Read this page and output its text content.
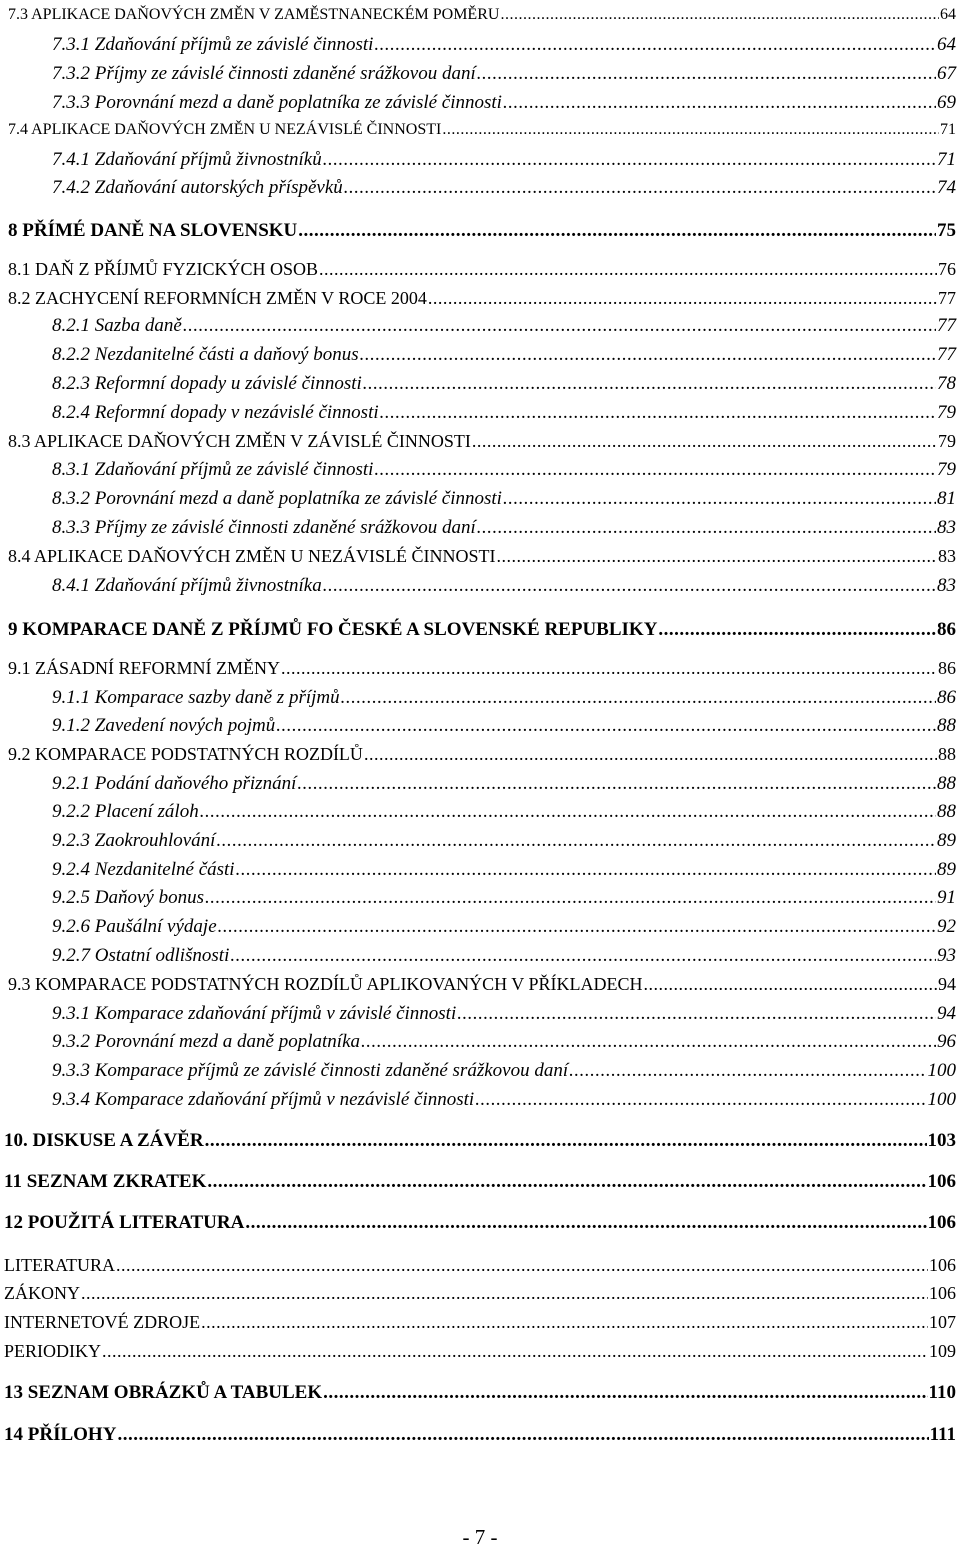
7.3 APLIKACE DAŇOVÝCH ZMĚN V ZAMĚSTNANECKÉM POMĚRU .....	64
7.3.1 Zdaňování příjmů ze závislé činnosti .....	64
7.3.2 Příjmy ze závislé činnosti zdaněné srážkovou daní .....	67
7.3.3 Porovnání mezd a daně poplatníka ze závislé činnosti .....	69
7.4 APLIKACE DAŇOVÝCH ZMĚN U NEZÁVISLÉ ČINNOSTI .....	71
7.4.1 Zdaňování příjmů živnostníků .....	71
7.4.2 Zdaňování autorských příspěvků .....	74
8 PŘÍMÉ DANĚ NA SLOVENSKU .....	75
8.1 DAŇ Z PŘÍJMŮ FYZICKÝCH OSOB .....	76
8.2 ZACHYCENÍ REFORMNÍCH ZMĚN V ROCE 2004 .....	77
8.2.1 Sazba daně .....	77
8.2.2 Nezdanitelné části a daňový bonus .....	77
8.2.3 Reformní dopady u závislé činnosti .....	78
8.2.4 Reformní dopady v nezávislé činnosti .....	79
8.3 APLIKACE DAŇOVÝCH ZMĚN V ZÁVISLÉ ČINNOSTI .....	79
8.3.1 Zdaňování příjmů ze závislé činnosti .....	79
8.3.2 Porovnání mezd a daně poplatníka ze závislé činnosti .....	81
8.3.3 Příjmy ze závislé činnosti zdaněné srážkovou daní .....	83
8.4 APLIKACE DAŇOVÝCH ZMĚN U NEZÁVISLÉ ČINNOSTI .....	83
8.4.1 Zdaňování příjmů živnostníka .....	83
9 KOMPARACE DANĚ Z PŘÍJMŮ FO ČESKÉ A SLOVENSKÉ REPUBLIKY .....	86
9.1 ZÁSADNÍ REFORMNÍ ZMĚNY .....	86
9.1.1 Komparace sazby daně z příjmů .....	86
9.1.2 Zavedení nových pojmů .....	88
9.2 KOMPARACE PODSTATNÝCH ROZDÍLŮ .....	88
9.2.1 Podání daňového přiznání .....	88
9.2.2 Placení záloh .....	88
9.2.3 Zaokrouhlování .....	89
9.2.4 Nezdanitelné části .....	89
9.2.5 Daňový bonus .....	91
9.2.6 Paušální výdaje .....	92
9.2.7 Ostatní odlišnosti .....	93
9.3 KOMPARACE PODSTATNÝCH ROZDÍLŮ APLIKOVANÝCH V PŘÍKLADECH .....	94
9.3.1 Komparace zdaňování příjmů v závislé činnosti .....	94
9.3.2 Porovnání mezd a daně poplatníka .....	96
9.3.3 Komparace příjmů ze závislé činnosti zdaněné srážkovou daní .....	100
9.3.4 Komparace zdaňování příjmů v nezávislé činnosti .....	100
10. DISKUSE A ZÁVĚR .....	103
11 SEZNAM ZKRATEK .....	106
12 POUŽITÁ LITERATURA .....	106
LITERATURA .....	106
ZÁKONY .....	106
INTERNETOVÉ ZDROJE .....	107
PERIODIKY .....	109
13 SEZNAM OBRÁZKŮ A TABULEK .....	110
14 PŘÍLOHY .....	111
- 7 -
